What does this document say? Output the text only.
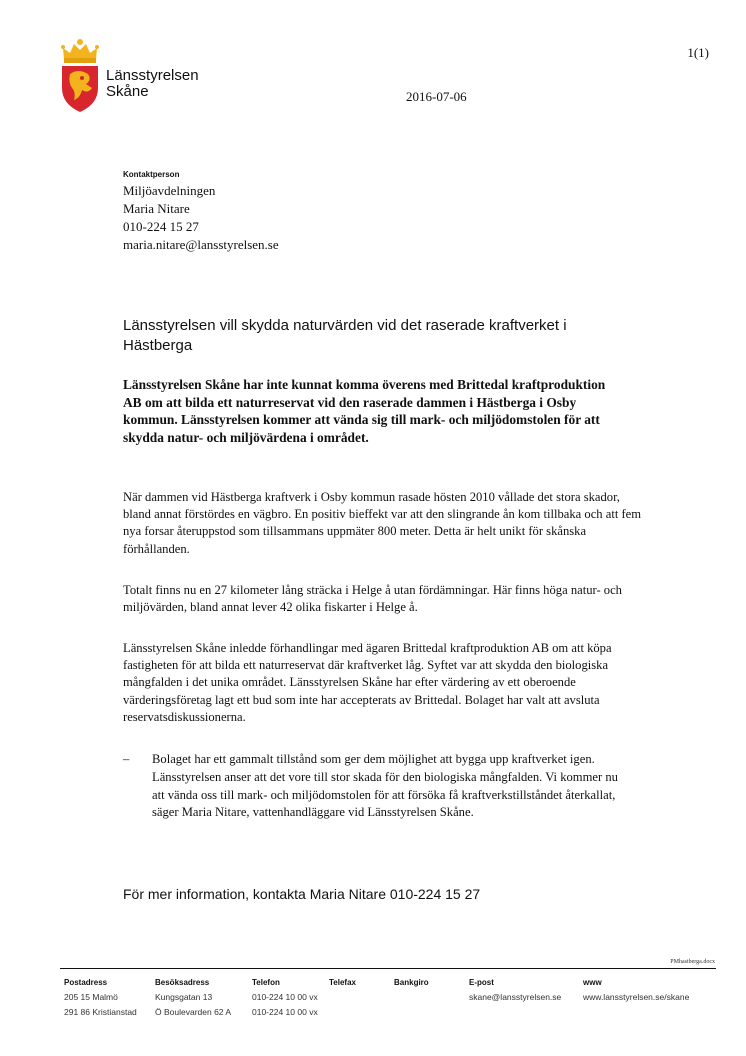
Länsstyrelsen
Skåne
1(1)
2016-07-06
Kontaktperson
Miljöavdelningen
Maria Nitare
010-224 15 27
maria.nitare@lansstyrelsen.se
Länsstyrelsen vill skydda naturvärden vid det raserade kraftverket i Hästberga
Länsstyrelsen Skåne har inte kunnat komma överens med Brittedal kraftproduktion AB om att bilda ett naturreservat vid den raserade dammen i Hästberga i Osby kommun. Länsstyrelsen kommer att vända sig till mark- och miljödomstolen för att skydda natur- och miljövärdena i området.
När dammen vid Hästberga kraftverk i Osby kommun rasade hösten 2010 vållade det stora skador, bland annat förstördes en vägbro. En positiv bieffekt var att den slingrande ån kom tillbaka och att fem nya forsar återuppstod som tillsammans uppmäter 800 meter. Detta är helt unikt för skånska förhållanden.
Totalt finns nu en 27 kilometer lång sträcka i Helge å utan fördämningar. Här finns höga natur- och miljövärden, bland annat lever 42 olika fiskarter i Helge å.
Länsstyrelsen Skåne inledde förhandlingar med ägaren Brittedal kraftproduktion AB om att köpa fastigheten för att bilda ett naturreservat där kraftverket låg. Syftet var att skydda den biologiska mångfalden i det unika området. Länsstyrelsen Skåne har efter värdering av ett oberoende värderingsföretag lagt ett bud som inte har accepterats av Brittedal. Bolaget har valt att avsluta reservatsdiskussionerna.
– Bolaget har ett gammalt tillstånd som ger dem möjlighet att bygga upp kraftverket igen. Länsstyrelsen anser att det vore till stor skada för den biologiska mångfalden. Vi kommer nu att vända oss till mark- och miljödomstolen för att försöka få kraftverkstillståndet återkallat, säger Maria Nitare, vattenhandläggare vid Länsstyrelsen Skåne.
För mer information, kontakta Maria Nitare 010-224 15 27
PMhastberga.docx
Postadress
205 15 Malmö
291 86 Kristianstad
Besöksadress
Kungsgatan 13
Ö Boulevarden 62 A
Telefon
010-224 10 00 vx
010-224 10 00 vx
Telefax	Bankgiro	E-post
skane@lansstyrelsen.se
www
www.lansstyrelsen.se/skane
